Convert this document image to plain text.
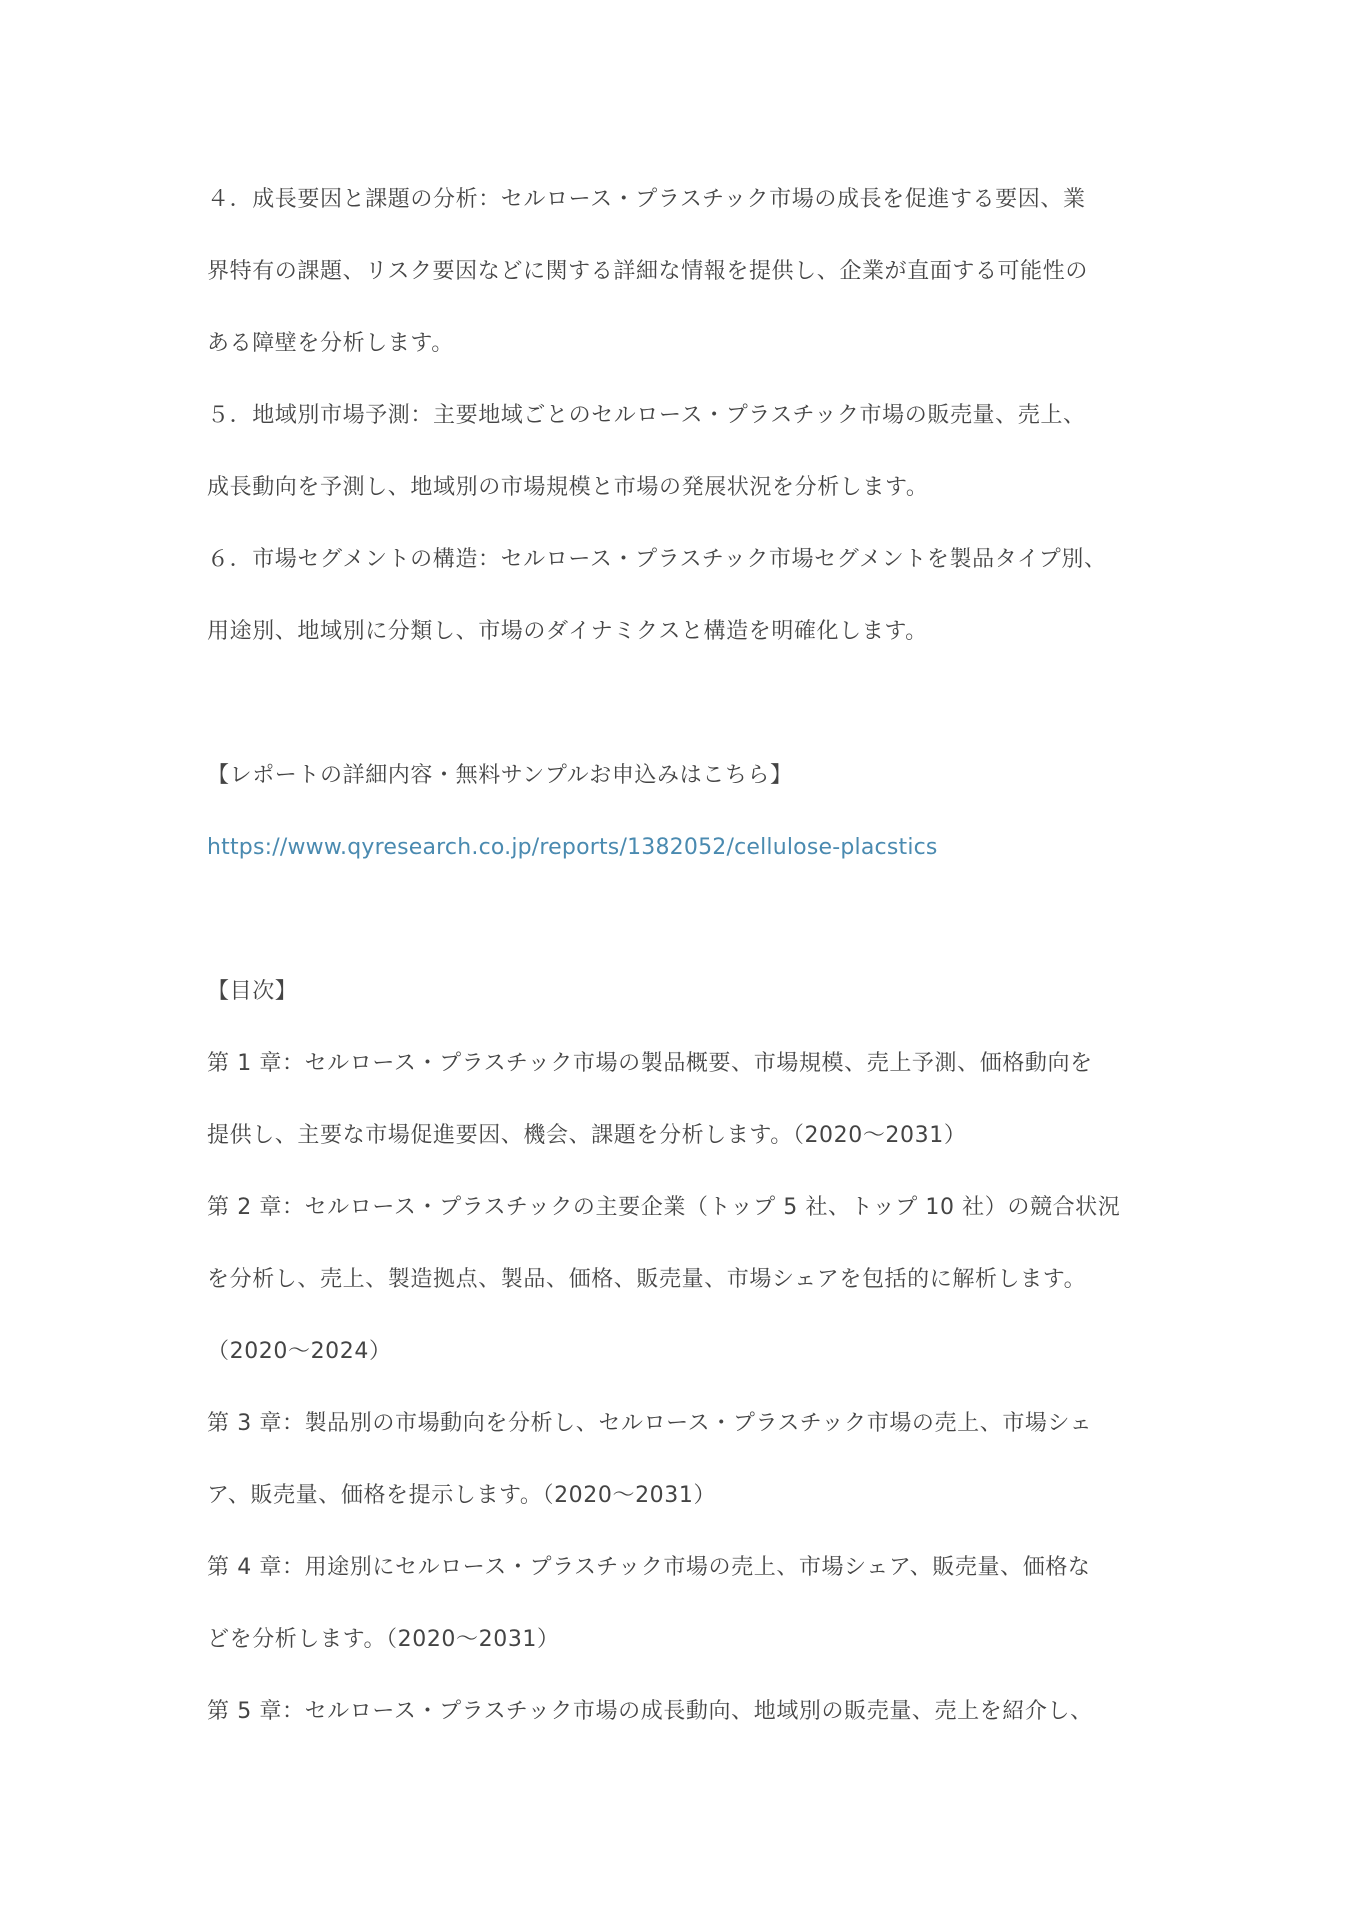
４．成長要因と課題の分析：セルロース・プラスチック市場の成長を促進する要因、業
界特有の課題、リスク要因などに関する詳細な情報を提供し、企業が直面する可能性の
ある障壁を分析します。
５．地域別市場予測：主要地域ごとのセルロース・プラスチック市場の販売量、売上、
成長動向を予測し、地域別の市場規模と市場の発展状況を分析します。
６．市場セグメントの構造：セルロース・プラスチック市場セグメントを製品タイプ別、
用途別、地域別に分類し、市場のダイナミクスと構造を明確化します。
【レポートの詳細内容・無料サンプルお申込みはこちら】
https://www.qyresearch.co.jp/reports/1382052/cellulose-placstics
【目次】
第 1 章：セルロース・プラスチック市場の製品概要、市場規模、売上予測、価格動向を
提供し、主要な市場促進要因、機会、課題を分析します。（2020～2031）
第 2 章：セルロース・プラスチックの主要企業（トップ 5 社、トップ 10 社）の競合状況
を分析し、売上、製造拠点、製品、価格、販売量、市場シェアを包括的に解析します。
（2020～2024）
第 3 章：製品別の市場動向を分析し、セルロース・プラスチック市場の売上、市場シェ
ア、販売量、価格を提示します。（2020～2031）
第 4 章：用途別にセルロース・プラスチック市場の売上、市場シェア、販売量、価格な
どを分析します。（2020～2031）
第 5 章：セルロース・プラスチック市場の成長動向、地域別の販売量、売上を紹介し、
